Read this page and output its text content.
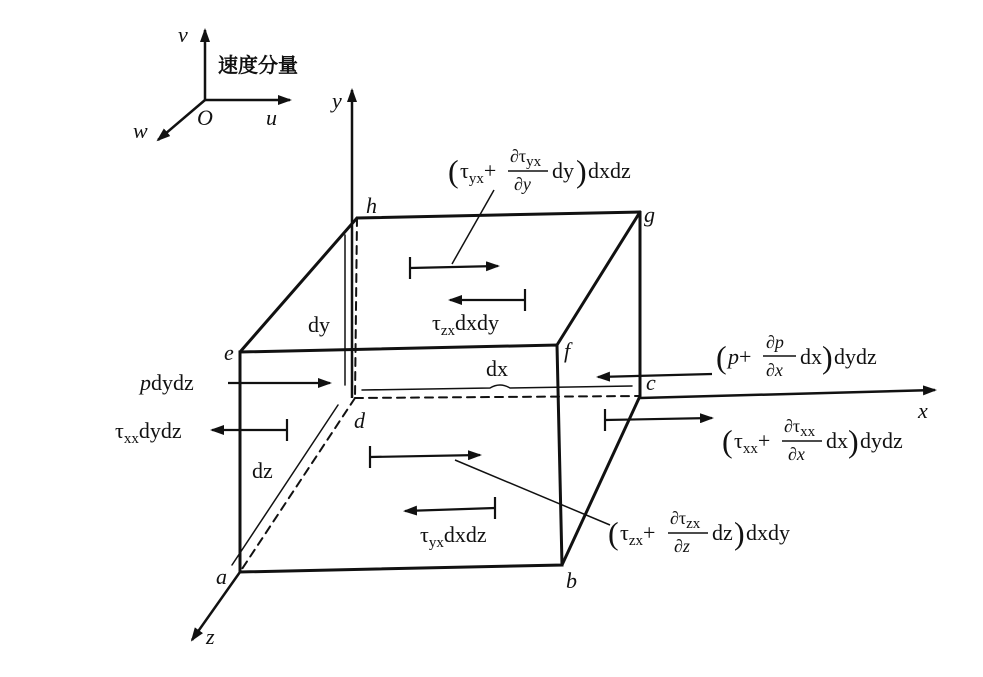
v
速度分量
O u
w
y
x
z
a	b
c
d
e	f
g
h
dy
dx
dz
pdydz
$\tau_{xx}dydz$
$\tau_{zx}dxdy$
$\tau_{yx}dxdz$
( $\tau_{yx}+$
$\partial\tau_{yx}$
∂y
dy ) dxdz
( p+
∂p
∂x
dx ) dydz
( $\tau_{xx}+$
$\partial\tau_{xx}$
∂x
dx ) dydz
( $\tau_{zx}+$
$\partial\tau_{zx}$
∂z
dz ) dxdy
